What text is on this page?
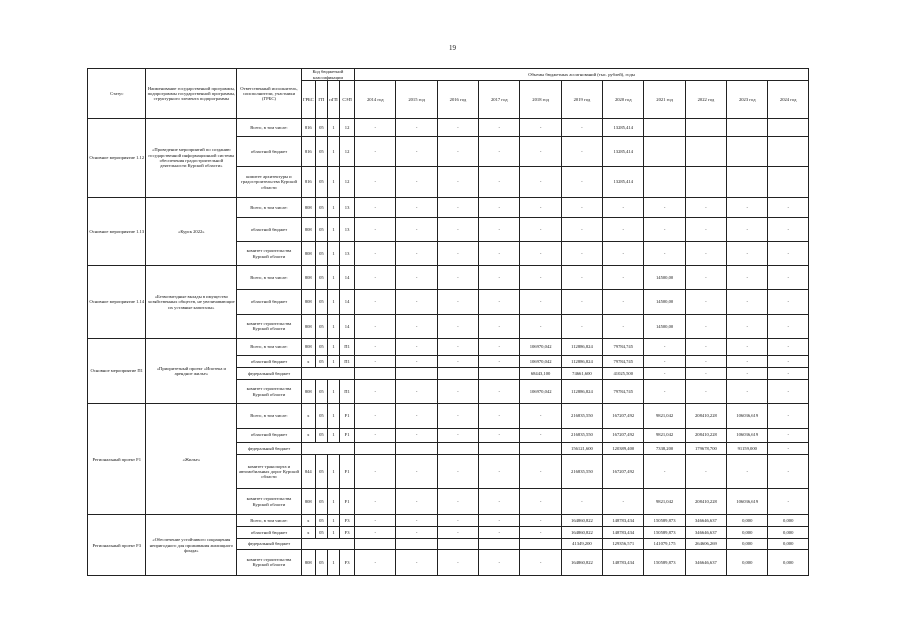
19
Статус	Наименование государственной программы, подпрограммы государственной программы, структурного элемента подпрограммы	Ответственный исполнитель, соисполнители, участники (ГРБС)	Код бюджетной классификации				Объемы бюджетных ассигнований (тыс. рублей), годы										
			ГРБС	ГП	пГП	СЭП	2014 год	2015 год	2016 год	2017 год	2018 год	2019 год	2020 год	2021 год	2022 год	2023 год	2024 год
Основное мероприятие 1.12	«Проведение мероприятий по созданию государственной информационной системы обеспечения градостроительной деятельности Курской области»	Всего, в том числе:	816	05	1	12	-	-	-	-	-	-	13285,414				
		областной бюджет	816	05	1	12	-	-	-	-	-	-	13285,414				
		комитет архитектуры и градостроительства Курской области	816	05	1	12	-	-	-	-	-	-	13285,414				
Основное мероприятие 1.13	«Курск 2022»	Всего, в том числе:	808	05	1	13	-	-	-	-	-	-	-	-	-	-	-
		областной бюджет	808	05	1	13	-	-	-	-	-	-	-	-	-	-	-
		комитет строительства Курской области	808	05	1	13	-	-	-	-	-	-	-	-	-	-	-
Основное мероприятие 1.14	«Безвозмездные вклады в имущество хозяйственных обществ, не увеличивающие их уставные капиталы»	Всего, в том числе:	808	05	1	14	-	-	-	-	-	-	-	14500,00	-	-	-
		областной бюджет	808	05	1	14	-	-	-	-	-	-	-	14500,00	-	-	-
		комитет строительства Курской области	808	05	1	14	-	-	-	-	-	-	-	14500,00	-	-	-
Основное мероприятие П1	«Приоритетный проект «Ипотека и арендное жилье»	Всего, в том числе:	808	05	1	П1	-	-	-	-	106970,042	112886,824	79784,745	-	-	-	-
		областной бюджет	x	05	1	П1	-	-	-	-	106970,042	112886,824	79784,745	-	-	-	-
		федеральный бюджет									68443,100	74661,600	41025,500	-	-	-	-
		комитет строительства Курской области	808	05	1	П1	-	-	-	-	106970,042	112886,824	79784,745	-	-	-	-
Региональный проект F1	«Жилье»	Всего, в том числе:	x	05	1	F1	-	-	-	-	-	216835,550	167207,492	9821,042	208410,228	106036,619	-
		областной бюджет	x	05	1	F1	-	-	-	-	-	216835,550	167207,492	9821,042	208410,228	106036,619	-
		федеральный бюджет										156121,600	120389,400	7338,200	179678,700	91159,000	-
		комитет транспорта и автомобильных дорог Курской области	844	05	1	F1	-	-	-	-	-	216835,550	167207,492	-	-	-	-
		комитет строительства Курской области	808	05	1	F1	-	-	-	-	-	-	-	9821,042	208410,228	106036,619	-
Региональный проект F3	«Обеспечение устойчивого сокращения непригодного для проживания жилищного фонда»	Всего, в том числе:	x	05	1	F3	-	-	-	-	-	164860,822	148783,434	150589,873	346646,637	0,000	0,000
		областной бюджет	x	05	1	F3	-	-	-	-	-	164860,822	148783,434	150589,873	346646,637	0,000	0,000
		федеральный бюджет										41349,200	129356,571	141079,175	264606,269	0,000	0,000
		комитет строительства Курской области	808	05	1	F3	-	-	-	-	-	164860,822	148783,434	150589,873	346646,637	0,000	0,000
